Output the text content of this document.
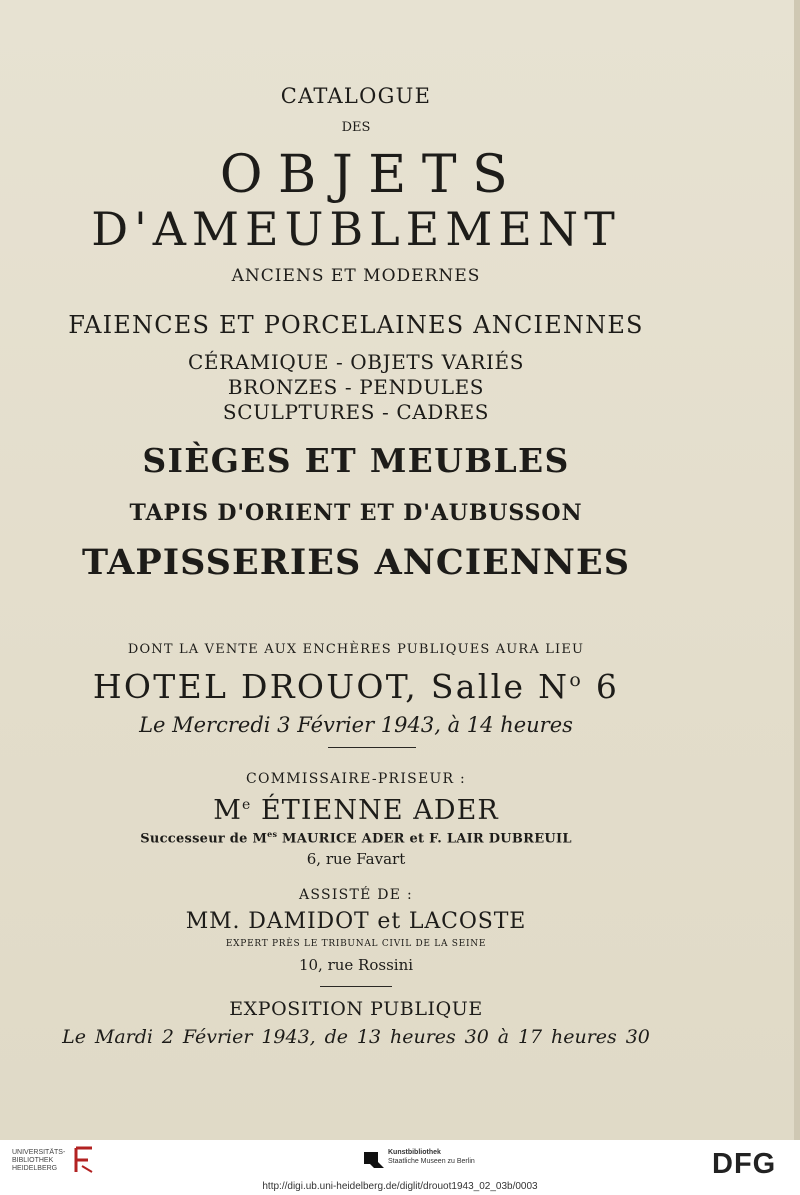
CATALOGUE
DES
OBJETS
D'AMEUBLEMENT
ANCIENS ET MODERNES
FAIENCES ET PORCELAINES ANCIENNES
CÉRAMIQUE - OBJETS VARIÉS
BRONZES - PENDULES
SCULPTURES - CADRES
SIÈGES ET MEUBLES
TAPIS D'ORIENT ET D'AUBUSSON
TAPISSERIES ANCIENNES
DONT LA VENTE AUX ENCHÈRES PUBLIQUES AURA LIEU
HOTEL DROUOT, Salle $N^o$ 6
Le Mercredi 3 Février 1943, à 14 heures
COMMISSAIRE-PRISEUR :
Me ÉTIENNE ADER
Successeur de $M^{es}$ MAURICE ADER et F. LAIR DUBREUIL
6, rue Favart
ASSISTÉ DE :
MM. DAMIDOT et LACOSTE
EXPERT PRÈS LE TRIBUNAL CIVIL DE LA SEINE
10, rue Rossini
EXPOSITION PUBLIQUE
Le Mardi 2 Février 1943, de 13 heures 30 à 17 heures 30
UNIVERSITÄTS-
BIBLIOTHEK
HEIDELBERG
Kunstbibliothek
Staatliche Museen zu Berlin	DFG
http://digi.ub.uni-heidelberg.de/diglit/drouot1943_02_03b/0003
